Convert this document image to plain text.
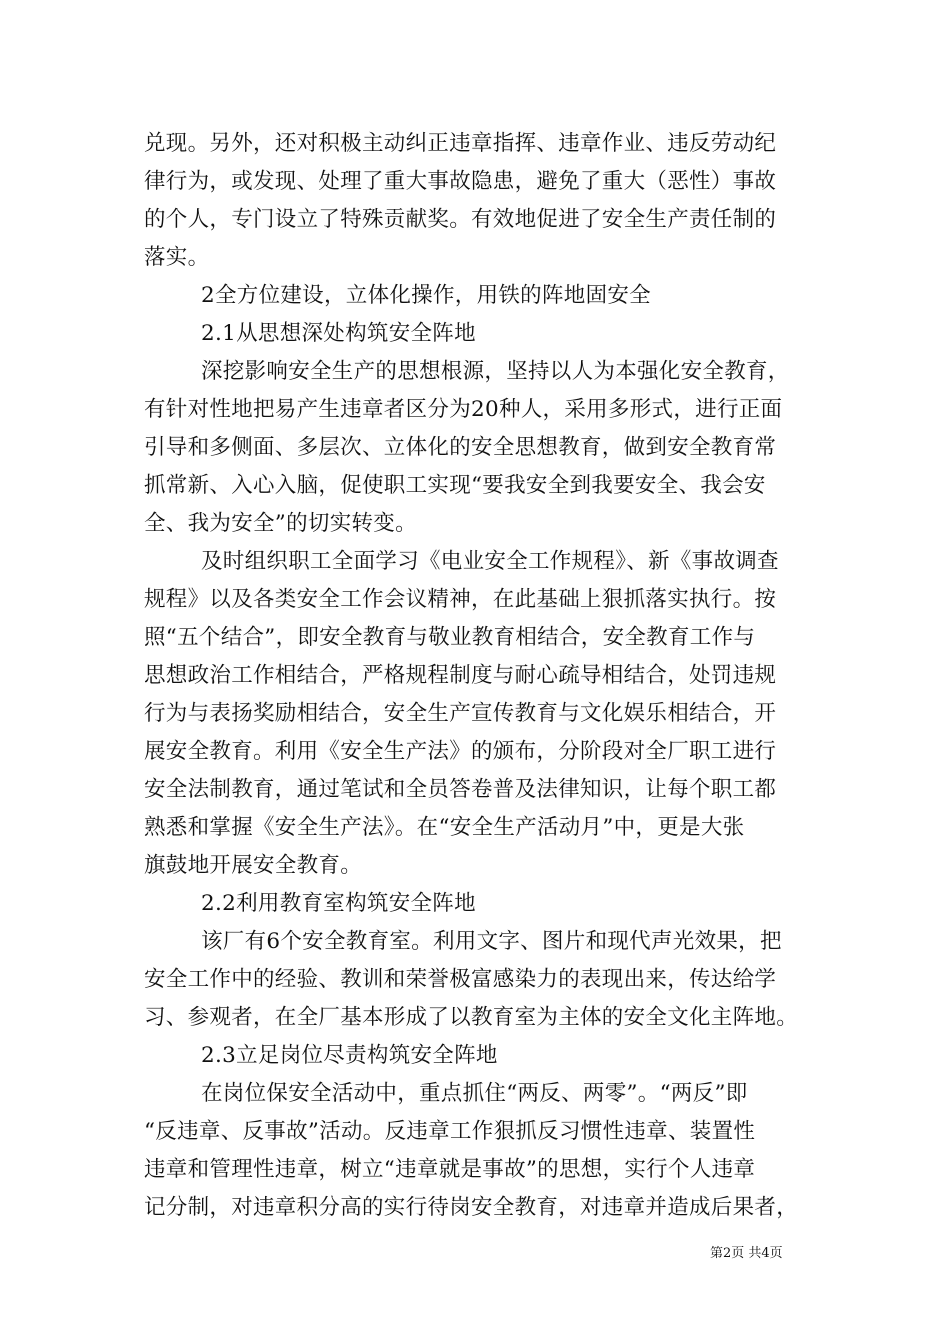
兑现。另外，还对积极主动纠正违章指挥、违章作业、违反劳动纪
律行为，或发现、处理了重大事故隐患，避免了重大（恶性）事故
的个人，专门设立了特殊贡献奖。有效地促进了安全生产责任制的
落实。
2全方位建设，立体化操作，用铁的阵地固安全
2.1从思想深处构筑安全阵地
深挖影响安全生产的思想根源，坚持以人为本强化安全教育，
有针对性地把易产生违章者区分为20种人，采用多形式，进行正面
引导和多侧面、多层次、立体化的安全思想教育，做到安全教育常
抓常新、入心入脑，促使职工实现“要我安全到我要安全、我会安
全、我为安全”的切实转变。
及时组织职工全面学习《电业安全工作规程》、新《事故调查
规程》以及各类安全工作会议精神，在此基础上狠抓落实执行。按
照“五个结合”，即安全教育与敬业教育相结合，安全教育工作与
思想政治工作相结合，严格规程制度与耐心疏导相结合，处罚违规
行为与表扬奖励相结合，安全生产宣传教育与文化娱乐相结合，开
展安全教育。利用《安全生产法》的颁布，分阶段对全厂职工进行
安全法制教育，通过笔试和全员答卷普及法律知识，让每个职工都
熟悉和掌握《安全生产法》。在“安全生产活动月”中，更是大张
旗鼓地开展安全教育。
2.2利用教育室构筑安全阵地
该厂有6个安全教育室。利用文字、图片和现代声光效果，把
安全工作中的经验、教训和荣誉极富感染力的表现出来，传达给学
习、参观者，在全厂基本形成了以教育室为主体的安全文化主阵地。
2.3立足岗位尽责构筑安全阵地
在岗位保安全活动中，重点抓住“两反、两零”。“两反”即
“反违章、反事故”活动。反违章工作狠抓反习惯性违章、装置性
违章和管理性违章，树立“违章就是事故”的思想，实行个人违章
记分制，对违章积分高的实行待岗安全教育，对违章并造成后果者，
第2页 共4页
